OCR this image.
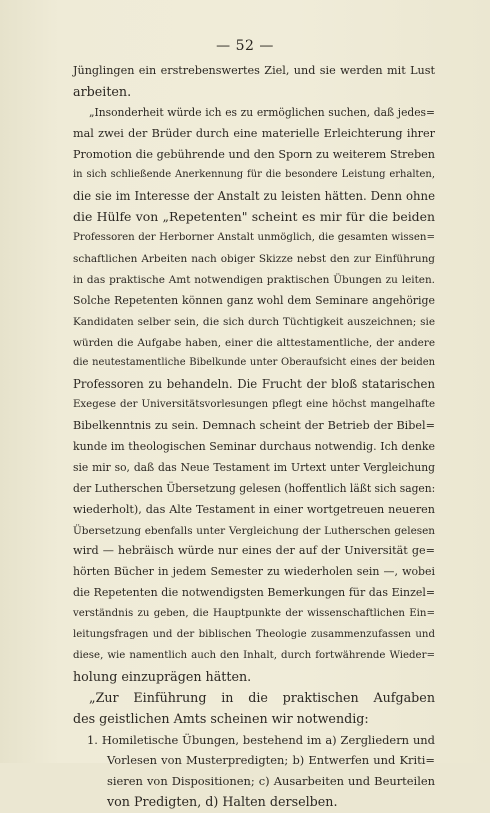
— 52 —
Jünglingen ein erstrebenswertes Ziel, und sie werden mit Lust
arbeiten.
„Insonderheit würde ich es zu ermöglichen suchen, daß jedes=
mal zwei der Brüder durch eine materielle Erleichterung ihrer
Promotion die gebührende und den Sporn zu weiterem Streben
in sich schließende Anerkennung für die besondere Leistung erhalten,
die sie im Interesse der Anstalt zu leisten hätten. Denn ohne
die Hülfe von „Repetenten" scheint es mir für die beiden
Professoren der Herborner Anstalt unmöglich, die gesamten wissen=
schaftlichen Arbeiten nach obiger Skizze nebst den zur Einführung
in das praktische Amt notwendigen praktischen Übungen zu leiten.
Solche Repetenten können ganz wohl dem Seminare angehörige
Kandidaten selber sein, die sich durch Tüchtigkeit auszeichnen; sie
würden die Aufgabe haben, einer die alttestamentliche, der andere
die neutestamentliche Bibelkunde unter Oberaufsicht eines der beiden
Professoren zu behandeln. Die Frucht der bloß statarischen
Exegese der Universitätsvorlesungen pflegt eine höchst mangelhafte
Bibelkenntnis zu sein. Demnach scheint der Betrieb der Bibel=
kunde im theologischen Seminar durchaus notwendig. Ich denke
sie mir so, daß das Neue Testament im Urtext unter Vergleichung
der Lutherschen Übersetzung gelesen (hoffentlich läßt sich sagen:
wiederholt), das Alte Testament in einer wortgetreuen neueren
Übersetzung ebenfalls unter Vergleichung der Lutherschen gelesen
wird — hebräisch würde nur eines der auf der Universität ge=
hörten Bücher in jedem Semester zu wiederholen sein —, wobei
die Repetenten die notwendigsten Bemerkungen für das Einzel=
verständnis zu geben, die Hauptpunkte der wissenschaftlichen Ein=
leitungsfragen und der biblischen Theologie zusammenzufassen und
diese, wie namentlich auch den Inhalt, durch fortwährende Wieder=
holung einzuprägen hätten.
„Zur Einführung in die praktischen Aufgaben
des geistlichen Amts scheinen wir notwendig:
1. Homiletische Übungen, bestehend im a) Zergliedern und
Vorlesen von Musterpredigten; b) Entwerfen und Kriti=
sieren von Dispositionen; c) Ausarbeiten und Beurteilen
von Predigten, d) Halten derselben.
